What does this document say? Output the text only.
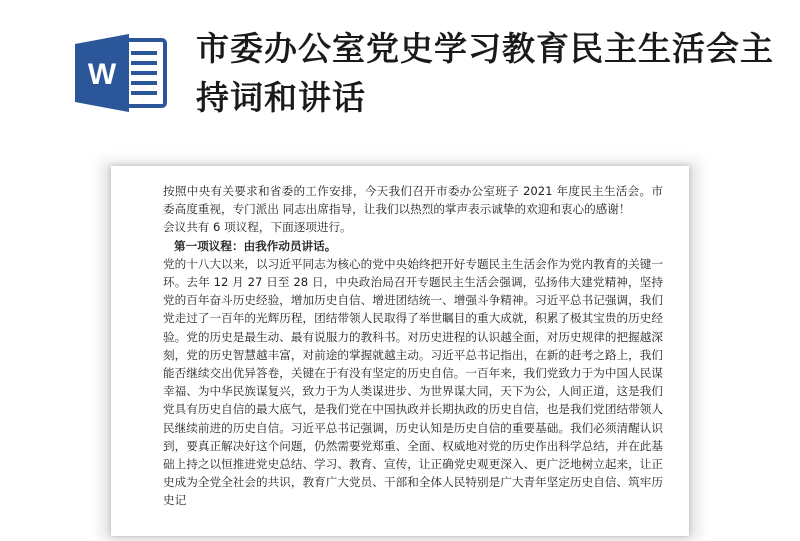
W
市委办公室党史学习教育民主生活会主持词和讲话

按照中央有关要求和省委的工作安排，今天我们召开市委办公室班子 2021 年度民主生活会。市委高度重视，专门派出 同志出席指导，让我们以热烈的掌声表示诚挚的欢迎和衷心的感谢！

会议共有 6 项议程，下面逐项进行。

第一项议程：由我作动员讲话。

党的十八大以来，以习近平同志为核心的党中央始终把开好专题民主生活会作为党内教育的关键一环。去年 12 月 27 日至 28 日，中央政治局召开专题民主生活会强调，弘扬伟大建党精神，坚持党的百年奋斗历史经验，增加历史自信、增进团结统一、增强斗争精神。习近平总书记强调，我们党走过了一百年的光辉历程，团结带领人民取得了举世瞩目的重大成就，积累了极其宝贵的历史经验。党的历史是最生动、最有说服力的教科书。对历史进程的认识越全面，对历史规律的把握越深刻，党的历史智慧越丰富，对前途的掌握就越主动。习近平总书记指出，在新的赶考之路上，我们能否继续交出优异答卷，关键在于有没有坚定的历史自信。一百年来，我们党致力于为中国人民谋幸福、为中华民族谋复兴，致力于为人类谋进步、为世界谋大同，天下为公，人间正道，这是我们党具有历史自信的最大底气，是我们党在中国执政并长期执政的历史自信，也是我们党团结带领人民继续前进的历史自信。习近平总书记强调，历史认知是历史自信的重要基础。我们必须清醒认识到，要真正解决好这个问题，仍然需要党郑重、全面、权威地对党的历史作出科学总结，并在此基础上持之以恒推进党史总结、学习、教育、宣传，让正确党史观更深入、更广泛地树立起来，让正史成为全党全社会的共识，教育广大党员、干部和全体人民特别是广大青年坚定历史自信、筑牢历史记
